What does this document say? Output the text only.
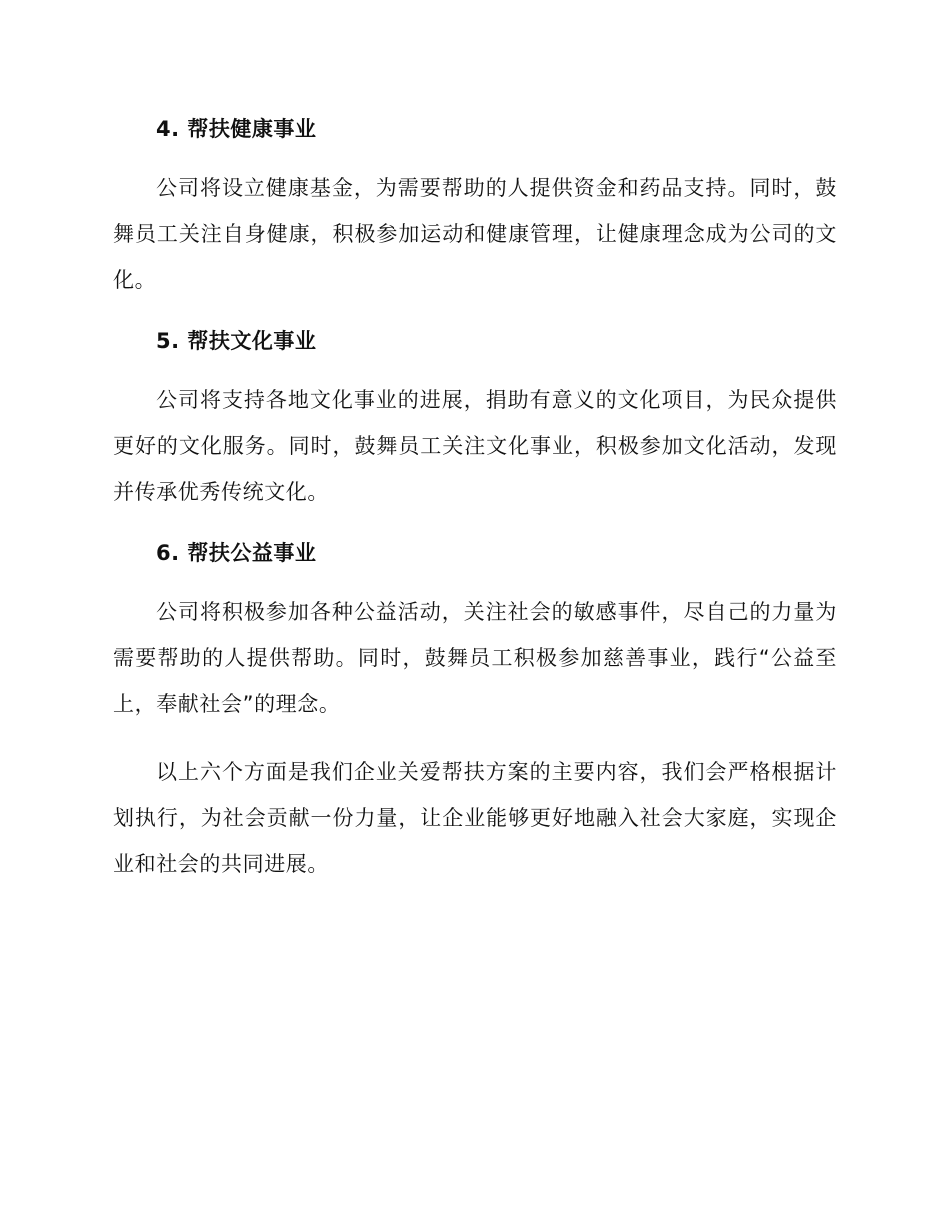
4. 帮扶健康事业

公司将设立健康基金，为需要帮助的人提供资金和药品支持。同时，鼓舞员工关注自身健康，积极参加运动和健康管理，让健康理念成为公司的文化。

5. 帮扶文化事业

公司将支持各地文化事业的进展，捐助有意义的文化项目，为民众提供更好的文化服务。同时，鼓舞员工关注文化事业，积极参加文化活动，发现并传承优秀传统文化。

6. 帮扶公益事业

公司将积极参加各种公益活动，关注社会的敏感事件，尽自己的力量为需要帮助的人提供帮助。同时，鼓舞员工积极参加慈善事业，践行“公益至上，奉献社会”的理念。

以上六个方面是我们企业关爱帮扶方案的主要内容，我们会严格根据计划执行，为社会贡献一份力量，让企业能够更好地融入社会大家庭，实现企业和社会的共同进展。
